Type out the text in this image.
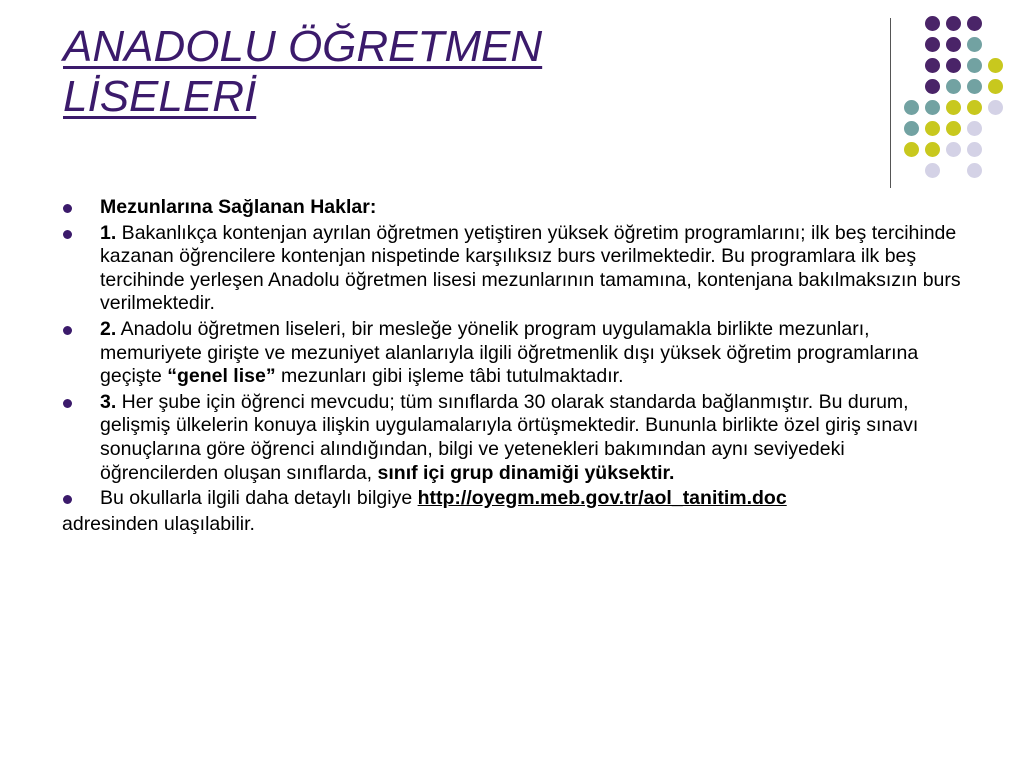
ANADOLU ÖĞRETMEN
LİSELERİ
Mezunlarına Sağlanan Haklar:
1. Bakanlıkça kontenjan ayrılan öğretmen yetiştiren yüksek öğretim programlarını; ilk beş tercihinde kazanan öğrencilere kontenjan nispetinde karşılıksız burs verilmektedir. Bu programlara ilk beş tercihinde yerleşen Anadolu öğretmen lisesi mezunlarının tamamına, kontenjana bakılmaksızın burs verilmektedir.
2. Anadolu öğretmen liseleri, bir mesleğe yönelik program uygulamakla birlikte mezunları, memuriyete girişte ve mezuniyet alanlarıyla ilgili öğretmenlik dışı yüksek öğretim programlarına geçişte “genel lise” mezunları gibi işleme tâbi tutulmaktadır.
3. Her şube için öğrenci mevcudu; tüm sınıflarda 30 olarak standarda bağlanmıştır. Bu durum, gelişmiş ülkelerin konuya ilişkin uygulamalarıyla örtüşmektedir. Bununla birlikte özel giriş sınavı sonuçlarına göre öğrenci alındığından, bilgi ve yetenekleri bakımından aynı seviyedeki öğrencilerden oluşan sınıflarda, sınıf içi grup dinamiği yüksektir.
Bu okullarla ilgili daha detaylı bilgiye http://oyegm.meb.gov.tr/aol_tanitim.doc

adresinden ulaşılabilir.
